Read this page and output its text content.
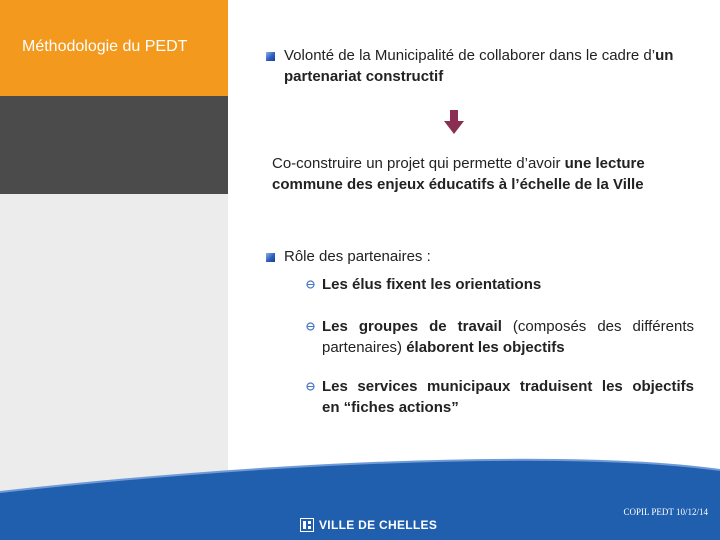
Méthodologie du PEDT
Volonté de la Municipalité de collaborer dans le cadre d’un
partenariat constructif
Co-construire un projet qui permette d’avoir une lecture
commune des enjeux éducatifs à l’échelle de la Ville
Rôle des partenaires :
Les élus fixent les orientations
Les groupes de travail (composés des différents
partenaires) élaborent les objectifs
Les services municipaux traduisent les objectifs
en “fiches actions”
VILLE DE CHELLES
COPIL PEDT 10/12/14
